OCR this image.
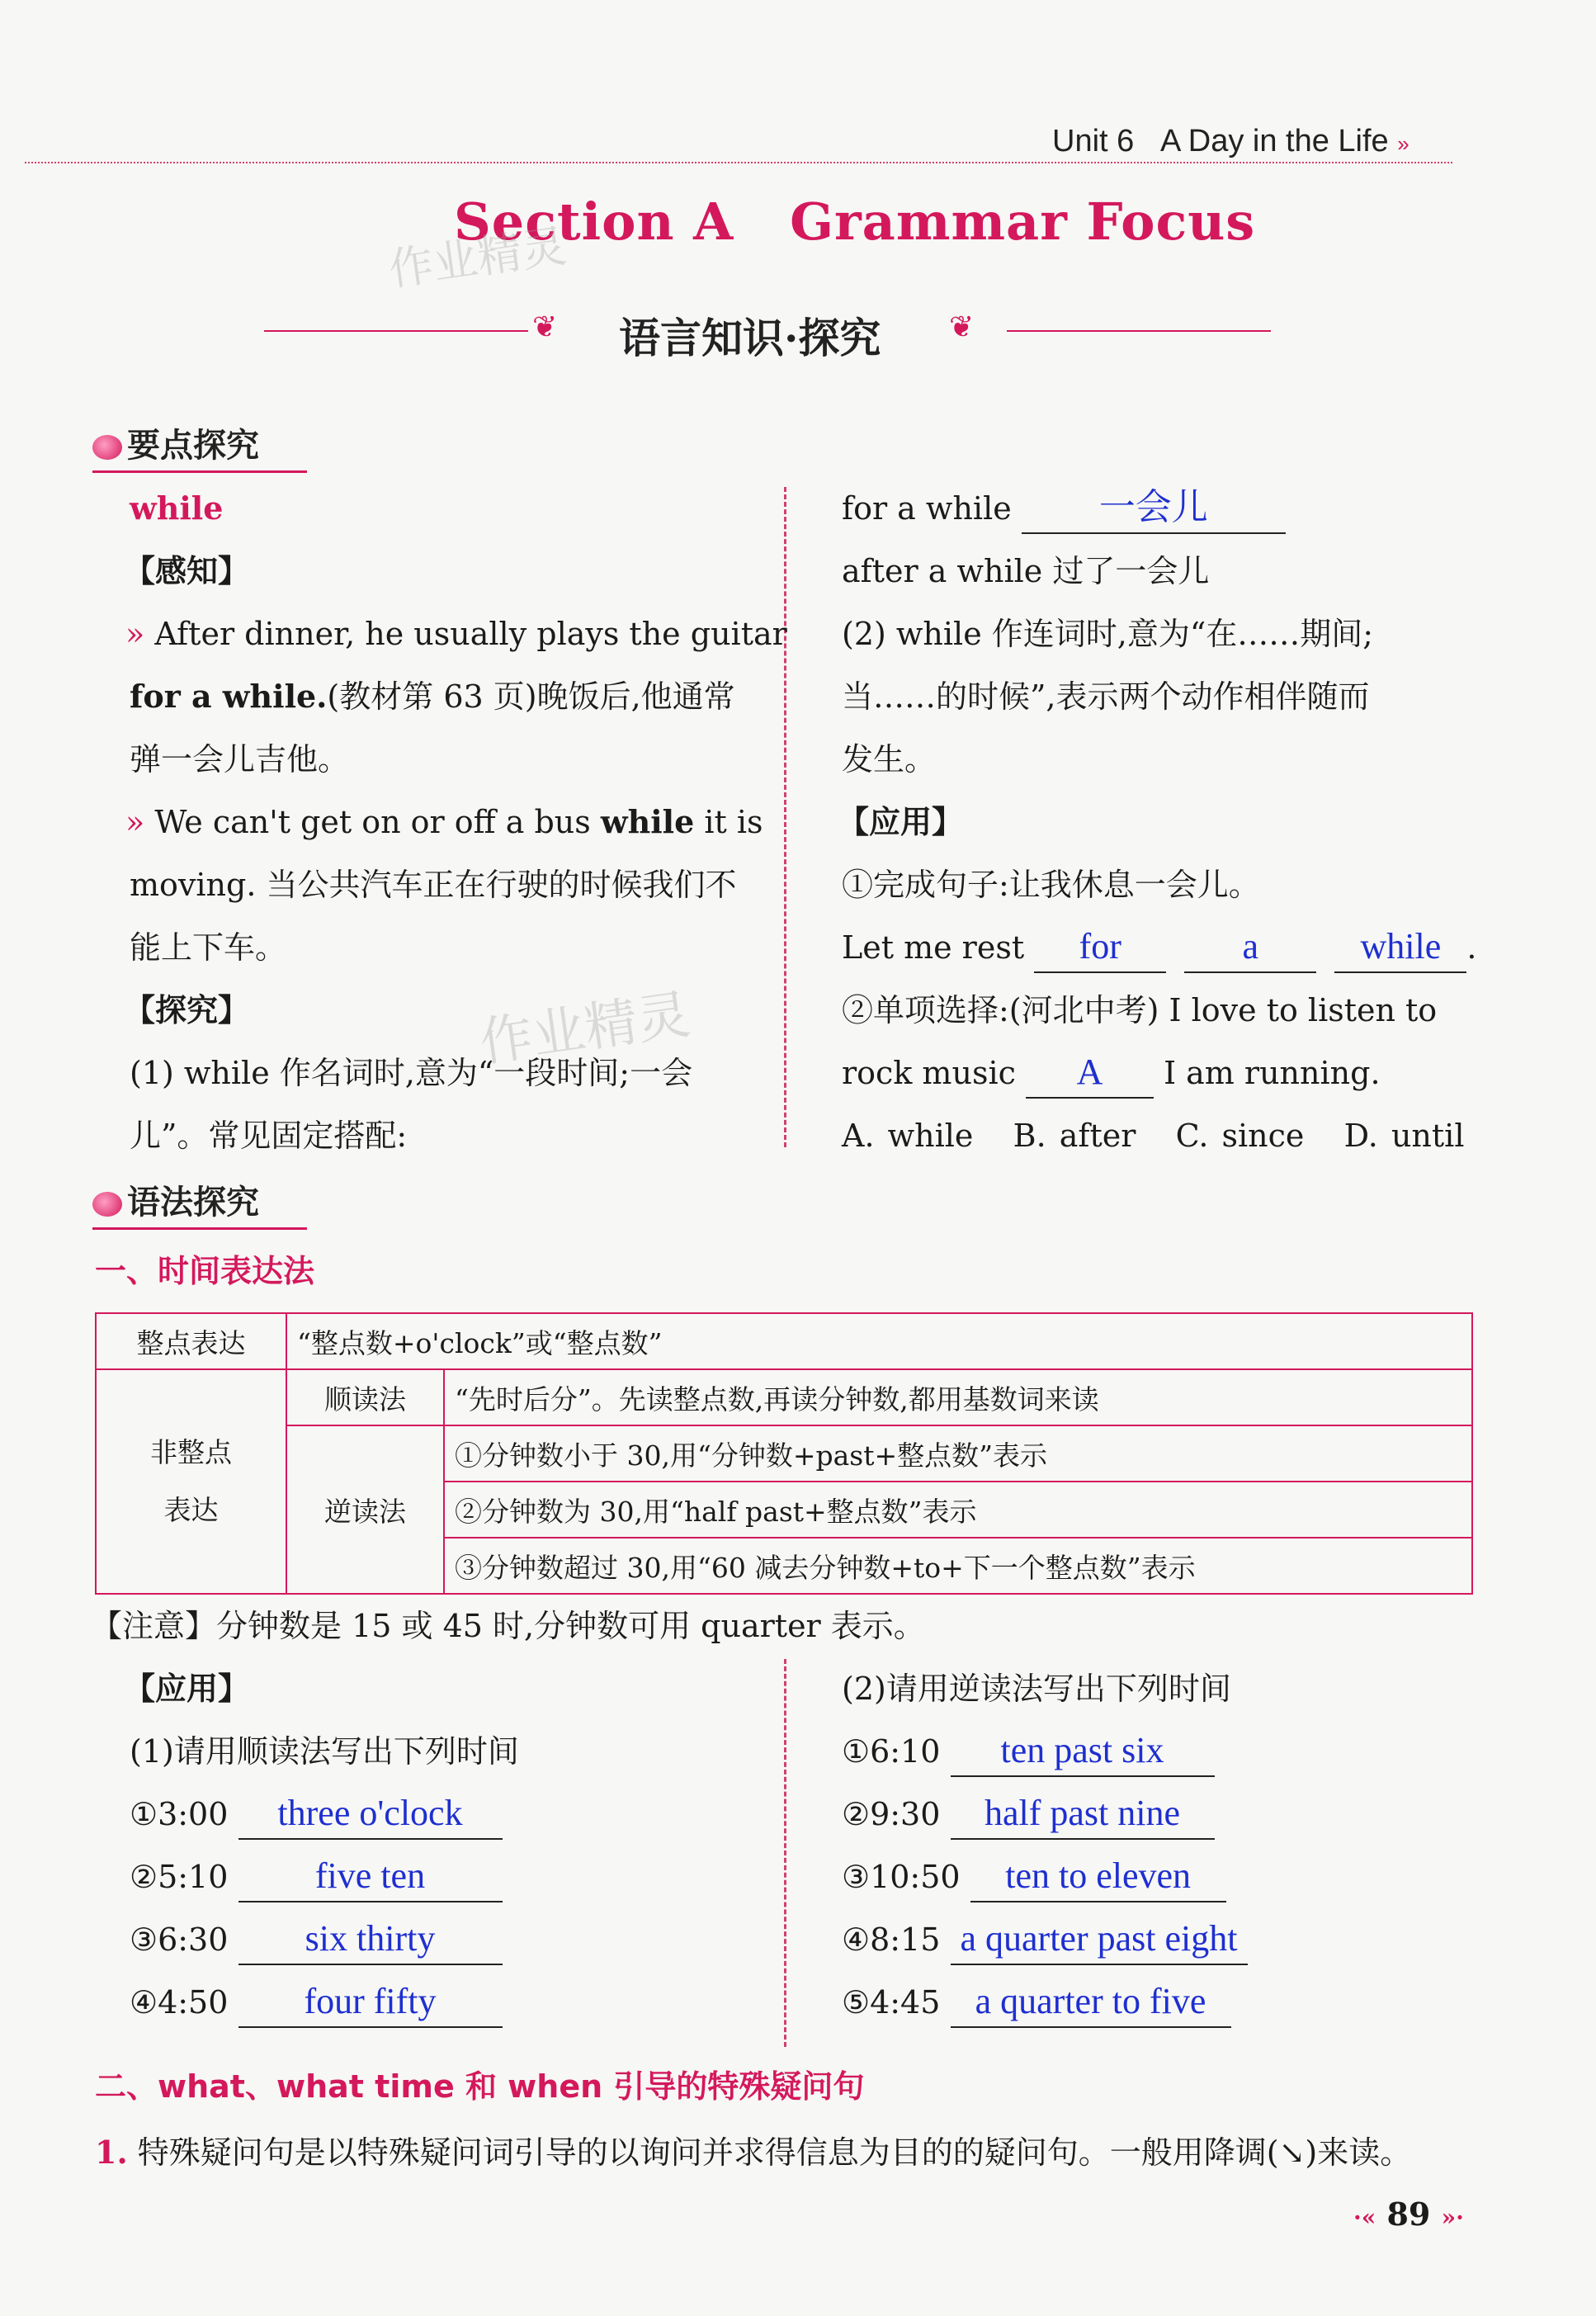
Unit 6 A Day in the Life »
Section A Grammar Focus
作业精灵
作业精灵
❦ 语言知识·探究 ❦
要点探究
while
【感知】
» After dinner, he usually plays the guitar
for a while.(教材第 63 页)晚饭后,他通常
弹一会儿吉他。
» We can't get on or off a bus while it is
moving. 当公共汽车正在行驶的时候我们不
能上下车。
【探究】
(1) while 作名词时,意为“一段时间;一会
儿”。常见固定搭配:
for a while 一会儿
after a while 过了一会儿
(2) while 作连词时,意为“在……期间;
当……的时候”,表示两个动作相伴随而
发生。
【应用】
①完成句子:让我休息一会儿。
Let me rest for	a	while .
②单项选择:(河北中考) I love to listen to
rock music A I am running.
A. while B. after C. since D. until
语法探究
一、时间表达法
整点表达	“整点数+o'clock”或“整点数”	
非整点
表达	顺读法	“先时后分”。先读整点数,再读分钟数,都用基数词来读
	逆读法	①分钟数小于 30,用“分钟数+past+整点数”表示
		②分钟数为 30,用“half past+整点数”表示
		③分钟数超过 30,用“60 减去分钟数+to+下一个整点数”表示
【注意】分钟数是 15 或 45 时,分钟数可用 quarter 表示。
【应用】
(1)请用顺读法写出下列时间
①3:00 three o'clock
②5:10 five ten
③6:30 six thirty
④4:50 four fifty
(2)请用逆读法写出下列时间
①6:10 ten past six
②9:30 half past nine
③10:50 ten to eleven
④8:15 a quarter past eight
⑤4:45 a quarter to five
二、what、what time 和 when 引导的特殊疑问句
1. 特殊疑问句是以特殊疑问词引导的以询问并求得信息为目的的疑问句。一般用降调(↘)来读。
·« 89 »·
